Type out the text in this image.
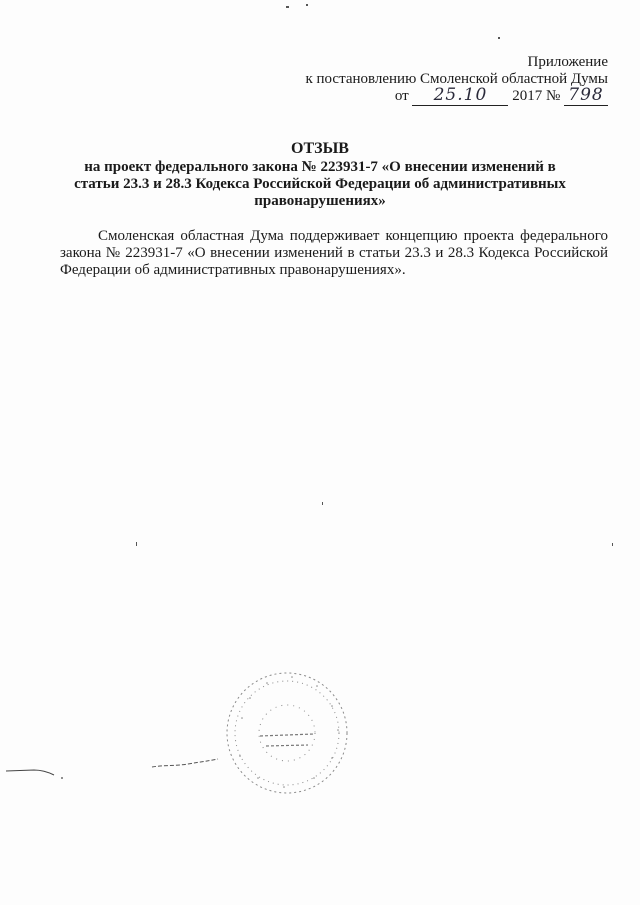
Приложение
к постановлению Смоленской областной Думы
от	25.10	2017 № 798
ОТЗЫВ
на проект федерального закона № 223931-7 «О внесении изменений в статьи 23.3 и 28.3 Кодекса Российской Федерации об административных правонарушениях»
Смоленская областная Дума поддерживает концепцию проекта федерального закона № 223931-7 «О внесении изменений в статьи 23.3 и 28.3 Кодекса Российской Федерации об административных правонарушениях».
